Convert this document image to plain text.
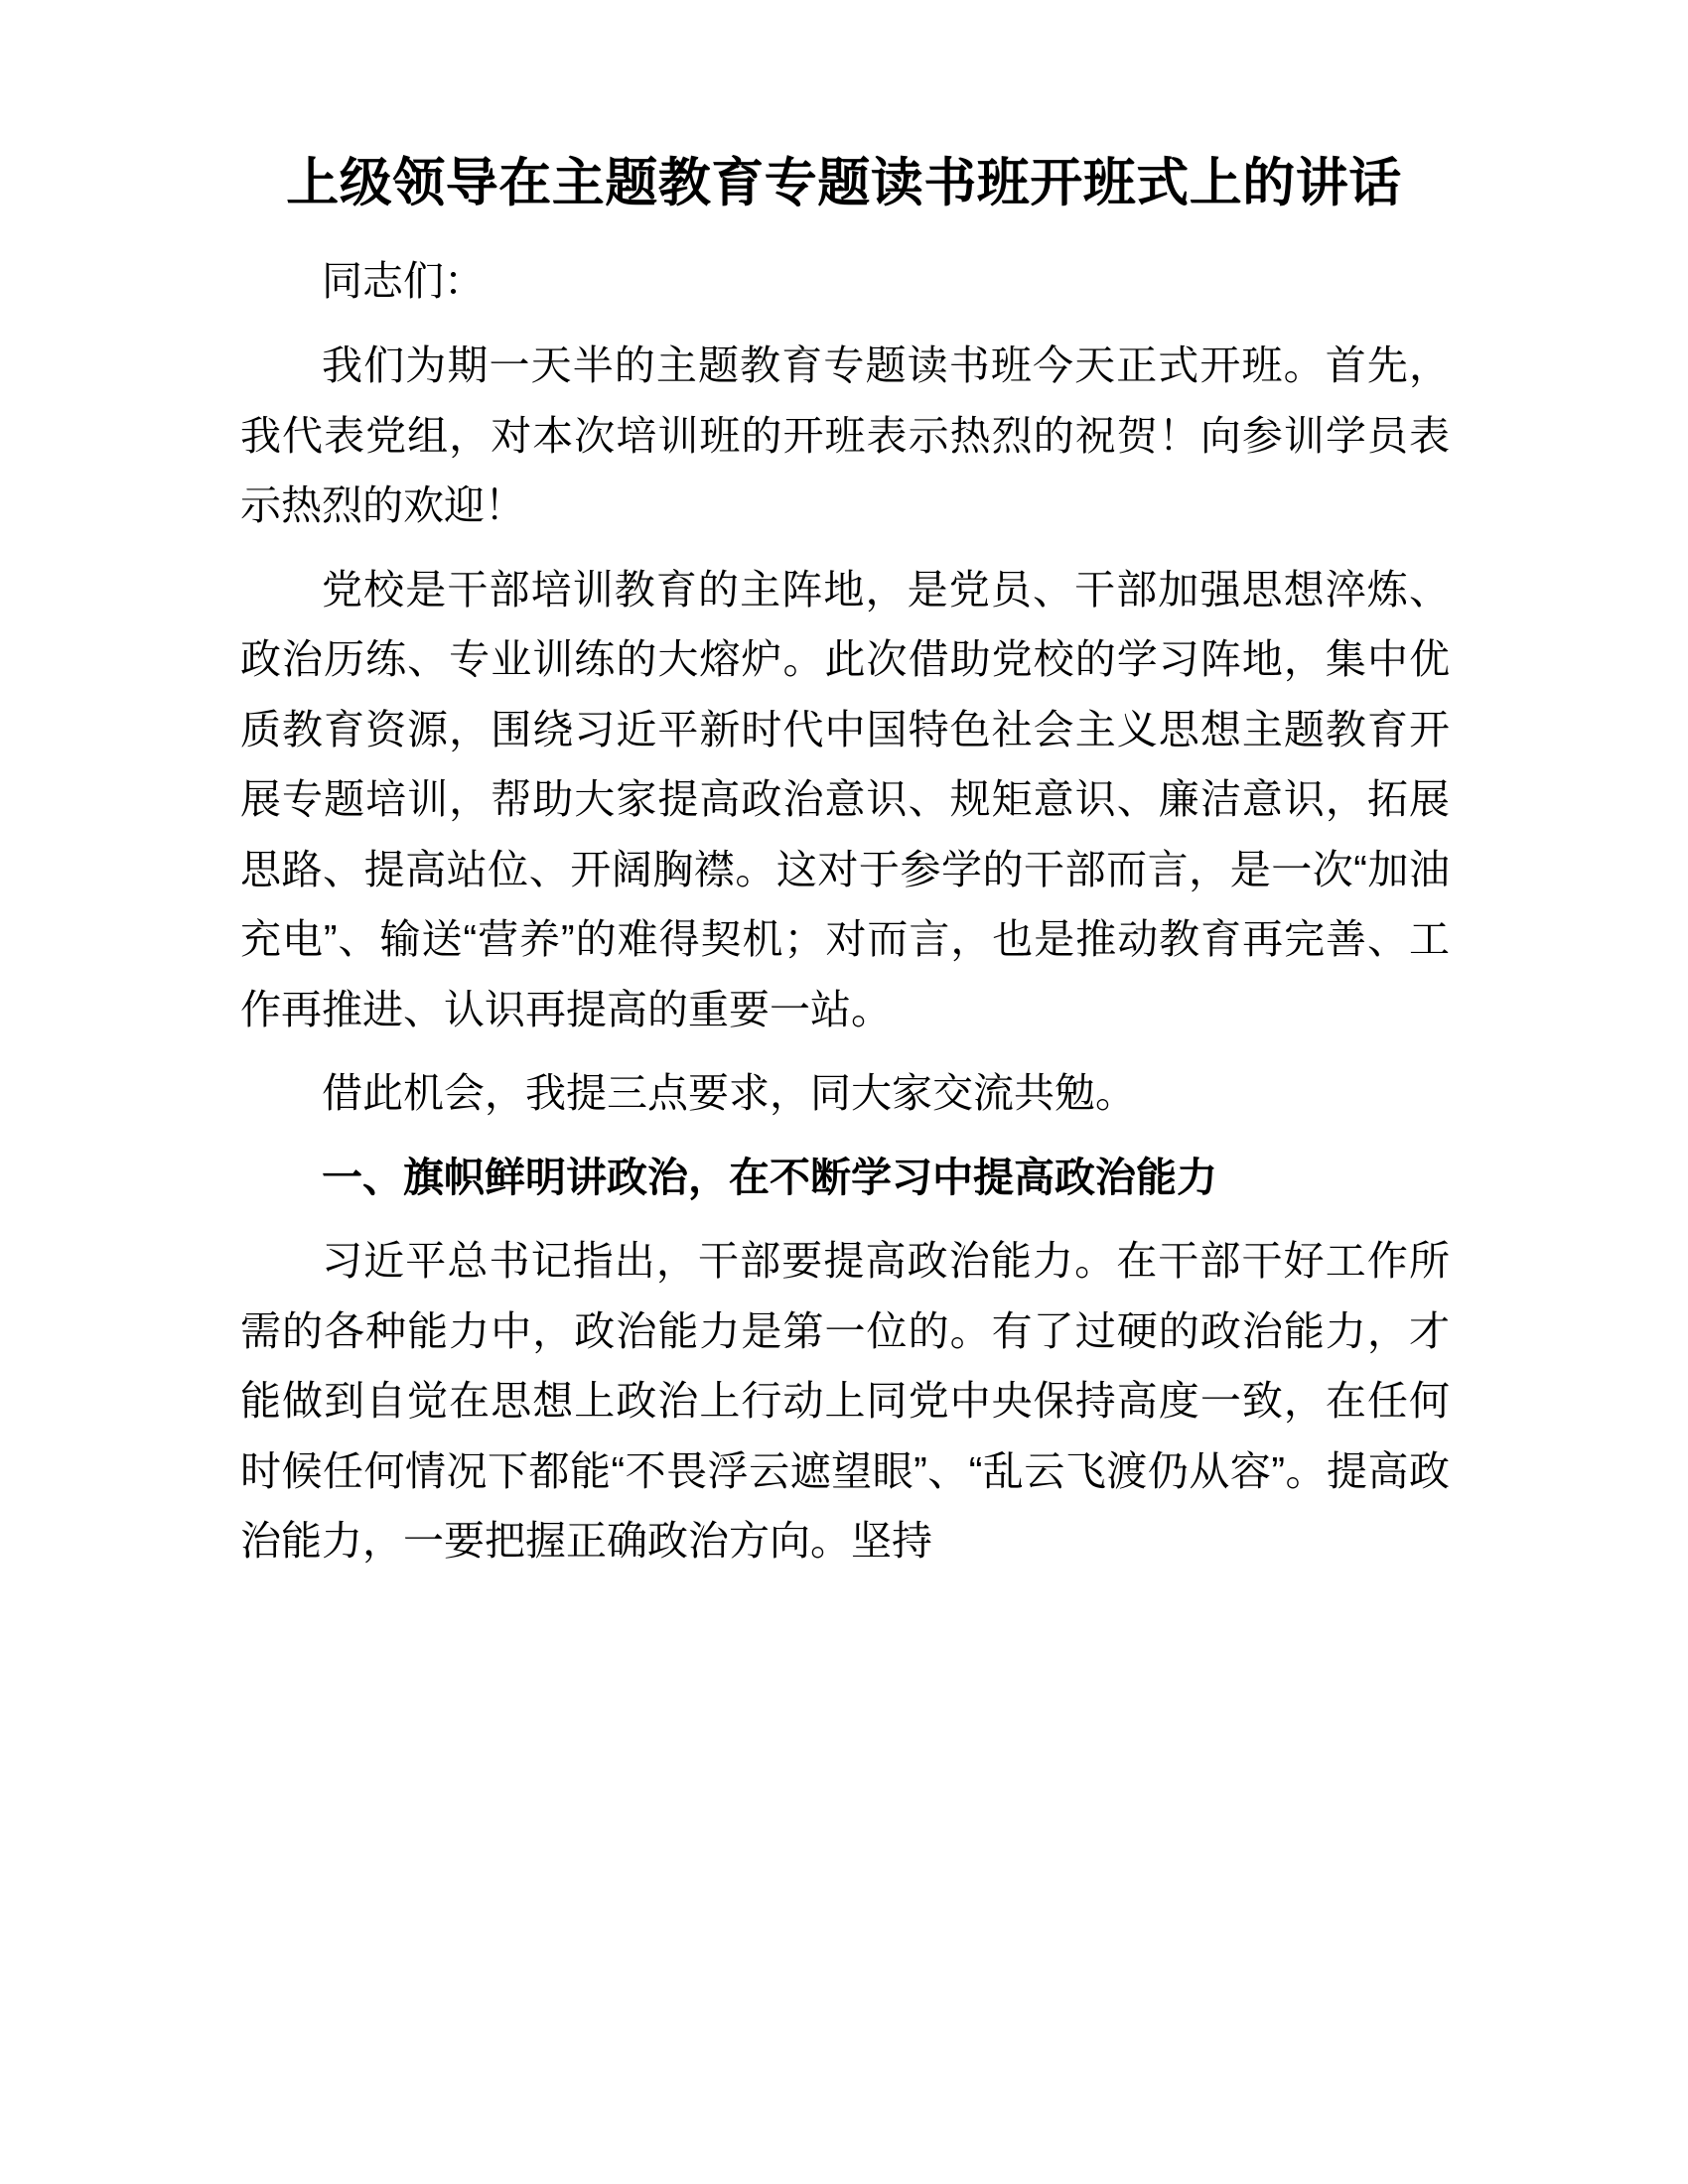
上级领导在主题教育专题读书班开班式上的讲话

同志们：

我们为期一天半的主题教育专题读书班今天正式开班。首先，我代表党组，对本次培训班的开班表示热烈的祝贺！向参训学员表示热烈的欢迎！

党校是干部培训教育的主阵地，是党员、干部加强思想淬炼、政治历练、专业训练的大熔炉。此次借助党校的学习阵地，集中优质教育资源，围绕习近平新时代中国特色社会主义思想主题教育开展专题培训，帮助大家提高政治意识、规矩意识、廉洁意识，拓展思路、提高站位、开阔胸襟。这对于参学的干部而言，是一次“加油充电”、输送“营养”的难得契机；对而言，也是推动教育再完善、工作再推进、认识再提高的重要一站。

借此机会，我提三点要求，同大家交流共勉。

一、旗帜鲜明讲政治，在不断学习中提高政治能力

习近平总书记指出，干部要提高政治能力。在干部干好工作所需的各种能力中，政治能力是第一位的。有了过硬的政治能力，才能做到自觉在思想上政治上行动上同党中央保持高度一致，在任何时候任何情况下都能“不畏浮云遮望眼”、“乱云飞渡仍从容”。提高政治能力，一要把握正确政治方向。坚持
